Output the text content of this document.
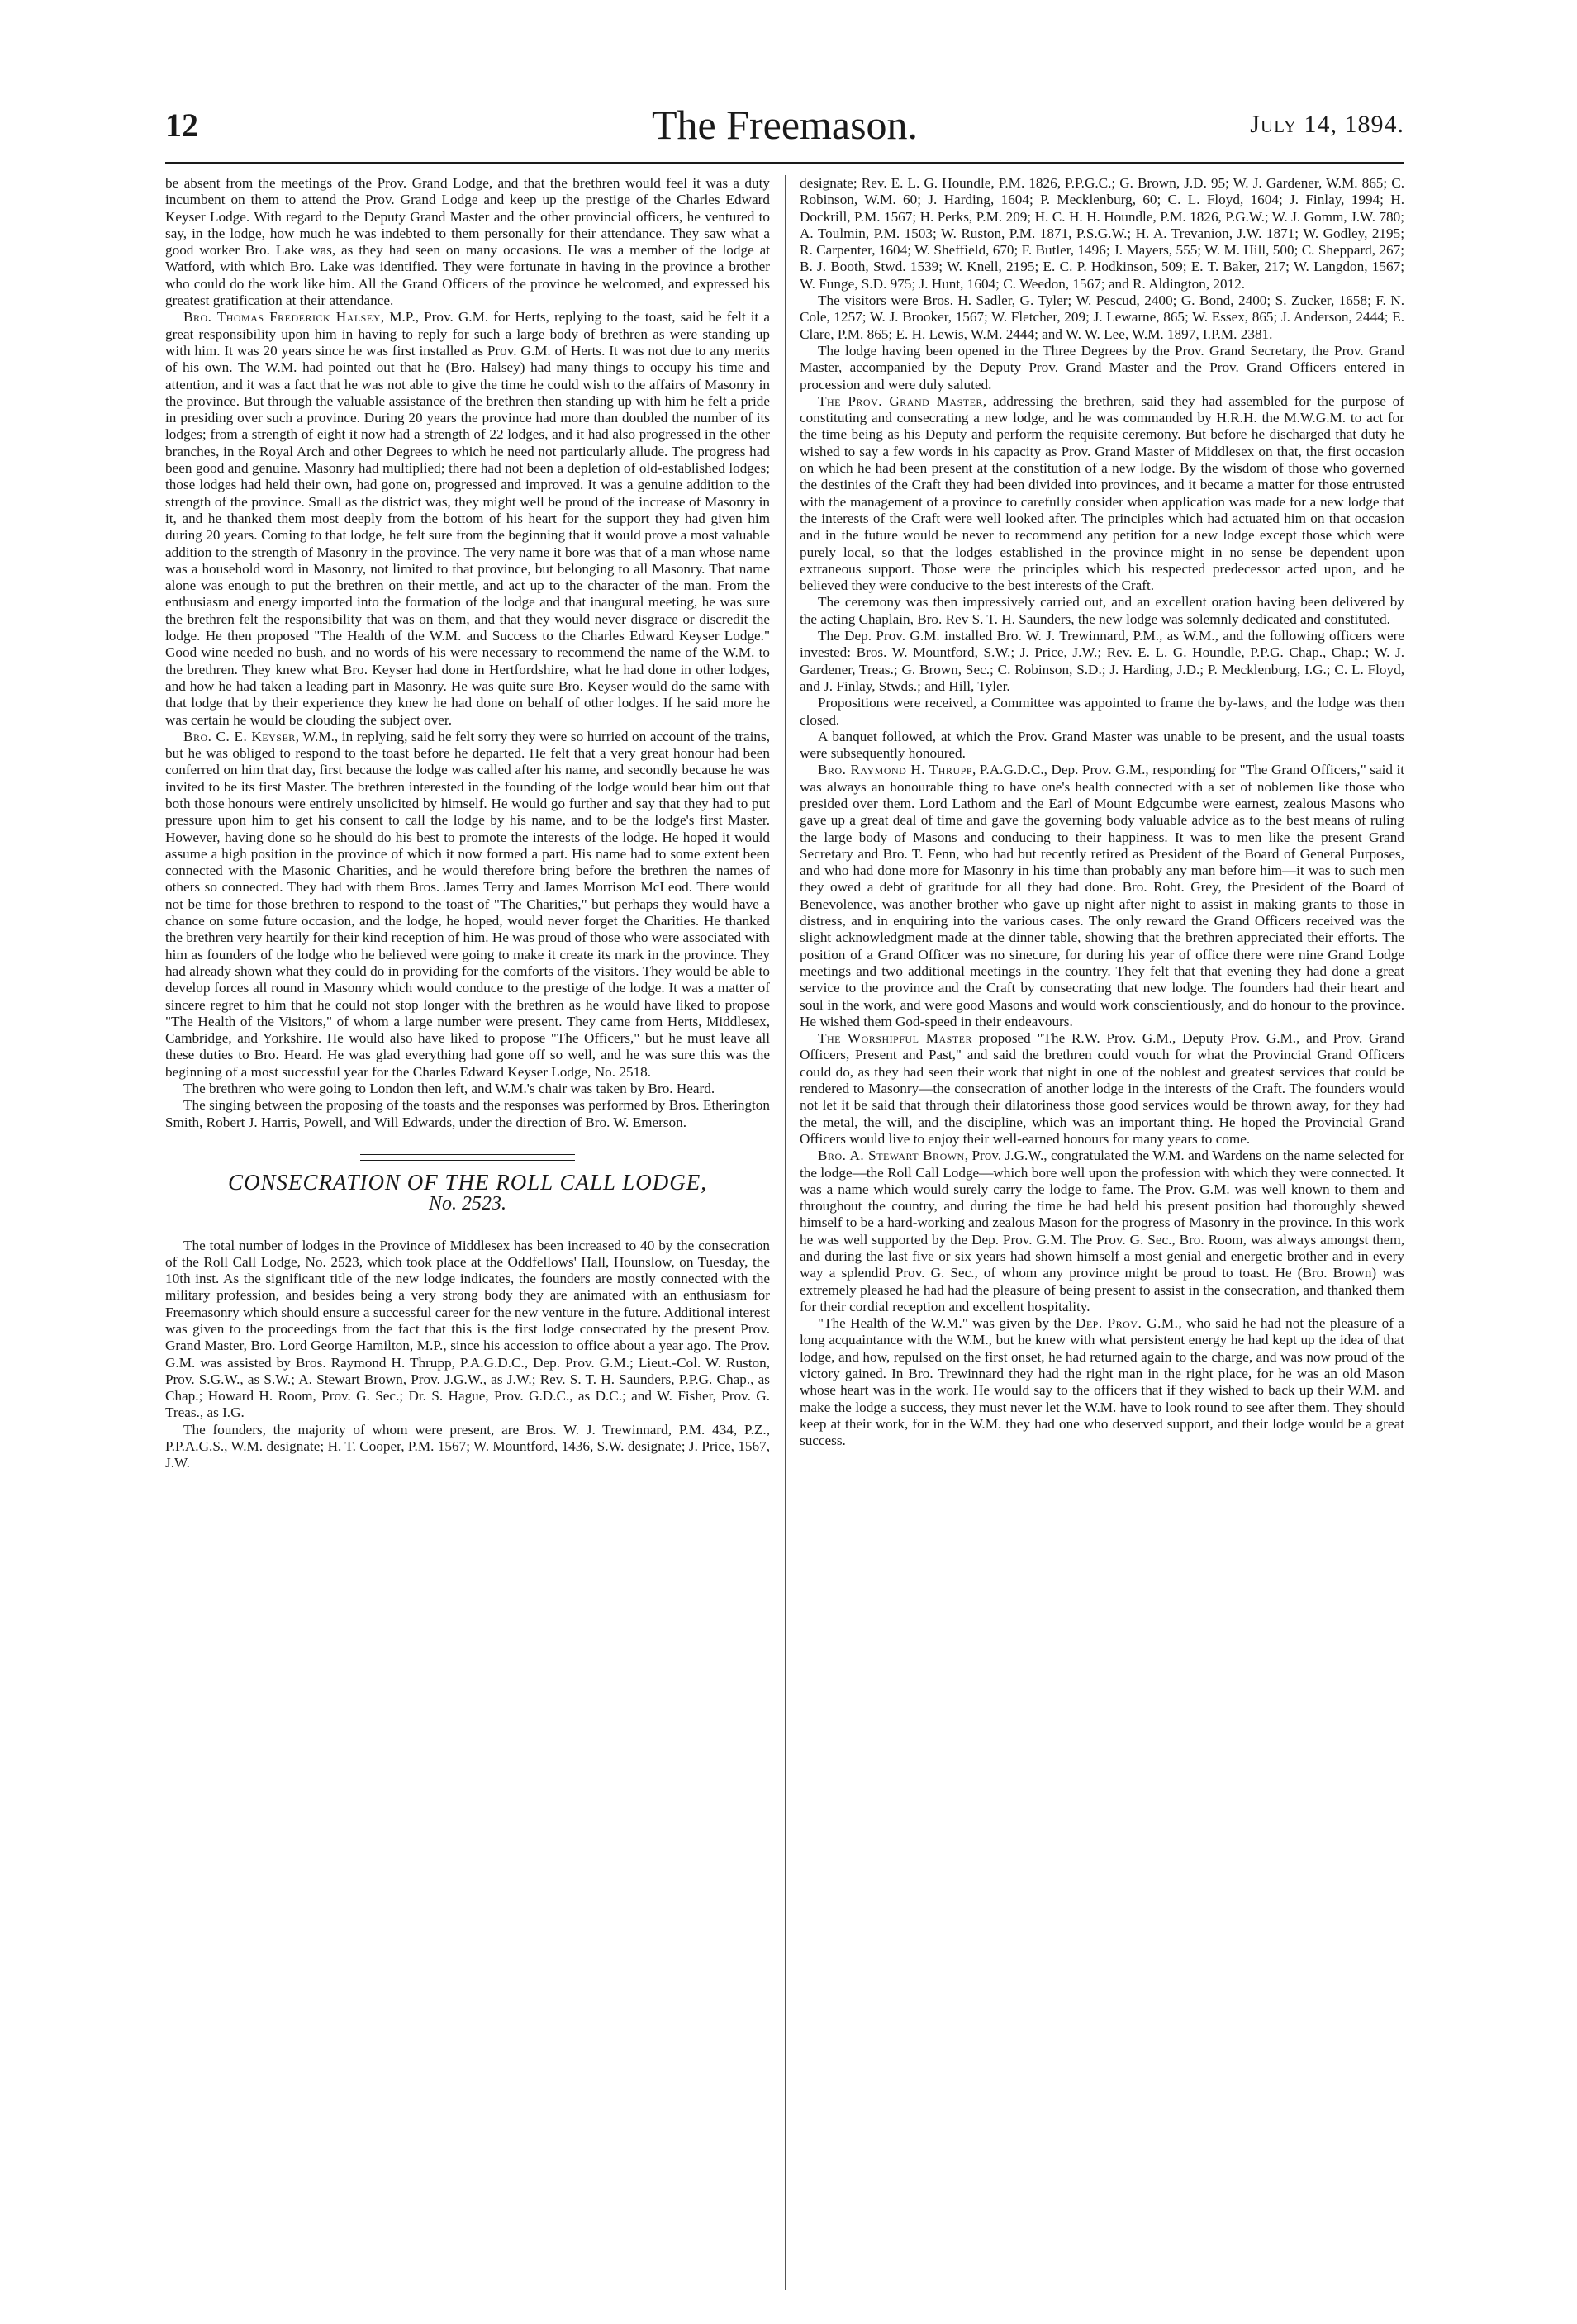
12	The Freemason.	July 14, 1894.

be absent from the meetings of the Prov. Grand Lodge, and that the brethren would feel it was a duty incumbent on them to attend the Prov. Grand Lodge and keep up the prestige of the Charles Edward Keyser Lodge. With regard to the Deputy Grand Master and the other provincial officers, he ventured to say, in the lodge, how much he was indebted to them personally for their attendance. They saw what a good worker Bro. Lake was, as they had seen on many occasions. He was a member of the lodge at Watford, with which Bro. Lake was identified. They were fortunate in having in the province a brother who could do the work like him. All the Grand Officers of the province he welcomed, and expressed his greatest gratification at their attendance.

Bro. Thomas Frederick Halsey, M.P., Prov. G.M. for Herts, replying to the toast, said he felt it a great responsibility upon him in having to reply for such a large body of brethren as were standing up with him. It was 20 years since he was first installed as Prov. G.M. of Herts. It was not due to any merits of his own. The W.M. had pointed out that he (Bro. Halsey) had many things to occupy his time and attention, and it was a fact that he was not able to give the time he could wish to the affairs of Masonry in the province. But through the valuable assistance of the brethren then standing up with him he felt a pride in presiding over such a province. During 20 years the province had more than doubled the number of its lodges; from a strength of eight it now had a strength of 22 lodges, and it had also progressed in the other branches, in the Royal Arch and other Degrees to which he need not particularly allude. The progress had been good and genuine. Masonry had multiplied; there had not been a depletion of old-established lodges; those lodges had held their own, had gone on, progressed and improved. It was a genuine addition to the strength of the province. Small as the district was, they might well be proud of the increase of Masonry in it, and he thanked them most deeply from the bottom of his heart for the support they had given him during 20 years. Coming to that lodge, he felt sure from the beginning that it would prove a most valuable addition to the strength of Masonry in the province. The very name it bore was that of a man whose name was a household word in Masonry, not limited to that province, but belonging to all Masonry. That name alone was enough to put the brethren on their mettle, and act up to the character of the man. From the enthusiasm and energy imported into the formation of the lodge and that inaugural meeting, he was sure the brethren felt the responsibility that was on them, and that they would never disgrace or discredit the lodge. He then proposed "The Health of the W.M. and Success to the Charles Edward Keyser Lodge." Good wine needed no bush, and no words of his were necessary to recommend the name of the W.M. to the brethren. They knew what Bro. Keyser had done in Hertfordshire, what he had done in other lodges, and how he had taken a leading part in Masonry. He was quite sure Bro. Keyser would do the same with that lodge that by their experience they knew he had done on behalf of other lodges. If he said more he was certain he would be clouding the subject over.

Bro. C. E. Keyser, W.M., in replying, said he felt sorry they were so hurried on account of the trains, but he was obliged to respond to the toast before he departed. He felt that a very great honour had been conferred on him that day, first because the lodge was called after his name, and secondly because he was invited to be its first Master. The brethren interested in the founding of the lodge would bear him out that both those honours were entirely unsolicited by himself. He would go further and say that they had to put pressure upon him to get his consent to call the lodge by his name, and to be the lodge's first Master. However, having done so he should do his best to promote the interests of the lodge. He hoped it would assume a high position in the province of which it now formed a part. His name had to some extent been connected with the Masonic Charities, and he would therefore bring before the brethren the names of others so connected. They had with them Bros. James Terry and James Morrison McLeod. There would not be time for those brethren to respond to the toast of "The Charities," but perhaps they would have a chance on some future occasion, and the lodge, he hoped, would never forget the Charities. He thanked the brethren very heartily for their kind reception of him. He was proud of those who were associated with him as founders of the lodge who he believed were going to make it create its mark in the province. They had already shown what they could do in providing for the comforts of the visitors. They would be able to develop forces all round in Masonry which would conduce to the prestige of the lodge. It was a matter of sincere regret to him that he could not stop longer with the brethren as he would have liked to propose "The Health of the Visitors," of whom a large number were present. They came from Herts, Middlesex, Cambridge, and Yorkshire. He would also have liked to propose "The Officers," but he must leave all these duties to Bro. Heard. He was glad everything had gone off so well, and he was sure this was the beginning of a most successful year for the Charles Edward Keyser Lodge, No. 2518.

The brethren who were going to London then left, and W.M.'s chair was taken by Bro. Heard.

The singing between the proposing of the toasts and the responses was performed by Bros. Etherington Smith, Robert J. Harris, Powell, and Will Edwards, under the direction of Bro. W. Emerson.

CONSECRATION OF THE ROLL CALL LODGE,
No. 2523.

The total number of lodges in the Province of Middlesex has been increased to 40 by the consecration of the Roll Call Lodge, No. 2523, which took place at the Oddfellows' Hall, Hounslow, on Tuesday, the 10th inst. As the significant title of the new lodge indicates, the founders are mostly connected with the military profession, and besides being a very strong body they are animated with an enthusiasm for Freemasonry which should ensure a successful career for the new venture in the future. Additional interest was given to the proceedings from the fact that this is the first lodge consecrated by the present Prov. Grand Master, Bro. Lord George Hamilton, M.P., since his accession to office about a year ago. The Prov. G.M. was assisted by Bros. Raymond H. Thrupp, P.A.G.D.C., Dep. Prov. G.M.; Lieut.-Col. W. Ruston, Prov. S.G.W., as S.W.; A. Stewart Brown, Prov. J.G.W., as J.W.; Rev. S. T. H. Saunders, P.P.G. Chap., as Chap.; Howard H. Room, Prov. G. Sec.; Dr. S. Hague, Prov. G.D.C., as D.C.; and W. Fisher, Prov. G. Treas., as I.G.

The founders, the majority of whom were present, are Bros. W. J. Trewinnard, P.M. 434, P.Z., P.P.A.G.S., W.M. designate; H. T. Cooper, P.M. 1567; W. Mountford, 1436, S.W. designate; J. Price, 1567, J.W.

designate; Rev. E. L. G. Houndle, P.M. 1826, P.P.G.C.; G. Brown, J.D. 95; W. J. Gardener, W.M. 865; C. Robinson, W.M. 60; J. Harding, 1604; P. Mecklenburg, 60; C. L. Floyd, 1604; J. Finlay, 1994; H. Dockrill, P.M. 1567; H. Perks, P.M. 209; H. C. H. H. Houndle, P.M. 1826, P.G.W.; W. J. Gomm, J.W. 780; A. Toulmin, P.M. 1503; W. Ruston, P.M. 1871, P.S.G.W.; H. A. Trevanion, J.W. 1871; W. Godley, 2195; R. Carpenter, 1604; W. Sheffield, 670; F. Butler, 1496; J. Mayers, 555; W. M. Hill, 500; C. Sheppard, 267; B. J. Booth, Stwd. 1539; W. Knell, 2195; E. C. P. Hodkinson, 509; E. T. Baker, 217; W. Langdon, 1567; W. Funge, S.D. 975; J. Hunt, 1604; C. Weedon, 1567; and R. Aldington, 2012.

The visitors were Bros. H. Sadler, G. Tyler; W. Pescud, 2400; G. Bond, 2400; S. Zucker, 1658; F. N. Cole, 1257; W. J. Brooker, 1567; W. Fletcher, 209; J. Lewarne, 865; W. Essex, 865; J. Anderson, 2444; E. Clare, P.M. 865; E. H. Lewis, W.M. 2444; and W. W. Lee, W.M. 1897, I.P.M. 2381.

The lodge having been opened in the Three Degrees by the Prov. Grand Secretary, the Prov. Grand Master, accompanied by the Deputy Prov. Grand Master and the Prov. Grand Officers entered in procession and were duly saluted.

The Prov. Grand Master, addressing the brethren, said they had assembled for the purpose of constituting and consecrating a new lodge, and he was commanded by H.R.H. the M.W.G.M. to act for the time being as his Deputy and perform the requisite ceremony. But before he discharged that duty he wished to say a few words in his capacity as Prov. Grand Master of Middlesex on that, the first occasion on which he had been present at the constitution of a new lodge. By the wisdom of those who governed the destinies of the Craft they had been divided into provinces, and it became a matter for those entrusted with the management of a province to carefully consider when application was made for a new lodge that the interests of the Craft were well looked after. The principles which had actuated him on that occasion and in the future would be never to recommend any petition for a new lodge except those which were purely local, so that the lodges established in the province might in no sense be dependent upon extraneous support. Those were the principles which his respected predecessor acted upon, and he believed they were conducive to the best interests of the Craft.

The ceremony was then impressively carried out, and an excellent oration having been delivered by the acting Chaplain, Bro. Rev S. T. H. Saunders, the new lodge was solemnly dedicated and constituted.

The Dep. Prov. G.M. installed Bro. W. J. Trewinnard, P.M., as W.M., and the following officers were invested: Bros. W. Mountford, S.W.; J. Price, J.W.; Rev. E. L. G. Houndle, P.P.G. Chap., Chap.; W. J. Gardener, Treas.; G. Brown, Sec.; C. Robinson, S.D.; J. Harding, J.D.; P. Mecklenburg, I.G.; C. L. Floyd, and J. Finlay, Stwds.; and Hill, Tyler.

Propositions were received, a Committee was appointed to frame the by-laws, and the lodge was then closed.

A banquet followed, at which the Prov. Grand Master was unable to be present, and the usual toasts were subsequently honoured.

Bro. Raymond H. Thrupp, P.A.G.D.C., Dep. Prov. G.M., responding for "The Grand Officers," said it was always an honourable thing to have one's health connected with a set of noblemen like those who presided over them. Lord Lathom and the Earl of Mount Edgcumbe were earnest, zealous Masons who gave up a great deal of time and gave the governing body valuable advice as to the best means of ruling the large body of Masons and conducing to their happiness. It was to men like the present Grand Secretary and Bro. T. Fenn, who had but recently retired as President of the Board of General Purposes, and who had done more for Masonry in his time than probably any man before him—it was to such men they owed a debt of gratitude for all they had done. Bro. Robt. Grey, the President of the Board of Benevolence, was another brother who gave up night after night to assist in making grants to those in distress, and in enquiring into the various cases. The only reward the Grand Officers received was the slight acknowledgment made at the dinner table, showing that the brethren appreciated their efforts. The position of a Grand Officer was no sinecure, for during his year of office there were nine Grand Lodge meetings and two additional meetings in the country. They felt that that evening they had done a great service to the province and the Craft by consecrating that new lodge. The founders had their heart and soul in the work, and were good Masons and would work conscientiously, and do honour to the province. He wished them God-speed in their endeavours.

The Worshipful Master proposed "The R.W. Prov. G.M., Deputy Prov. G.M., and Prov. Grand Officers, Present and Past," and said the brethren could vouch for what the Provincial Grand Officers could do, as they had seen their work that night in one of the noblest and greatest services that could be rendered to Masonry—the consecration of another lodge in the interests of the Craft. The founders would not let it be said that through their dilatoriness those good services would be thrown away, for they had the metal, the will, and the discipline, which was an important thing. He hoped the Provincial Grand Officers would live to enjoy their well-earned honours for many years to come.

Bro. A. Stewart Brown, Prov. J.G.W., congratulated the W.M. and Wardens on the name selected for the lodge—the Roll Call Lodge—which bore well upon the profession with which they were connected. It was a name which would surely carry the lodge to fame. The Prov. G.M. was well known to them and throughout the country, and during the time he had held his present position had thoroughly shewed himself to be a hard-working and zealous Mason for the progress of Masonry in the province. In this work he was well supported by the Dep. Prov. G.M. The Prov. G. Sec., Bro. Room, was always amongst them, and during the last five or six years had shown himself a most genial and energetic brother and in every way a splendid Prov. G. Sec., of whom any province might be proud to toast. He (Bro. Brown) was extremely pleased he had had the pleasure of being present to assist in the consecration, and thanked them for their cordial reception and excellent hospitality.

"The Health of the W.M." was given by the Dep. Prov. G.M., who said he had not the pleasure of a long acquaintance with the W.M., but he knew with what persistent energy he had kept up the idea of that lodge, and how, repulsed on the first onset, he had returned again to the charge, and was now proud of the victory gained. In Bro. Trewinnard they had the right man in the right place, for he was an old Mason whose heart was in the work. He would say to the officers that if they wished to back up their W.M. and make the lodge a success, they must never let the W.M. have to look round to see after them. They should keep at their work, for in the W.M. they had one who deserved support, and their lodge would be a great success.
